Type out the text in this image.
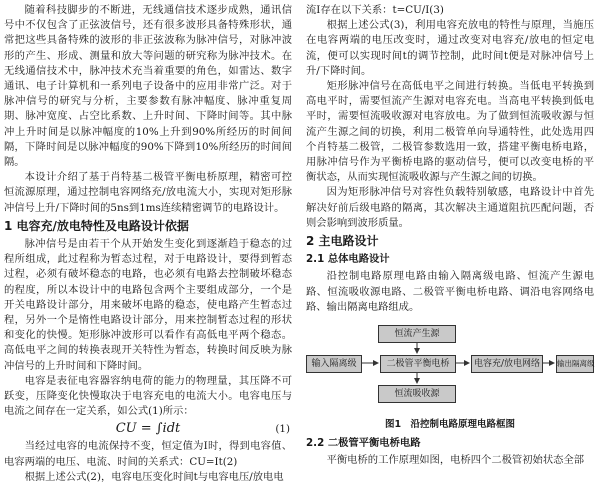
随着科技脚步的不断进，无线通信技术逐步成熟，通讯信号中不仅包含了正弦波信号，还有很多波形具备特殊形状，通常把这些具备特殊的波形的非正弦波称为脉冲信号，对脉冲波形的产生、形成、测量和放大等问题的研究称为脉冲技术。在无线通信技术中，脉冲技术充当着重要的角色，如雷达、数字通讯、电子计算机和一系列电子设备中的应用非常广泛。对于脉冲信号的研究与分析，主要参数有脉冲幅度、脉冲重复周期、脉冲宽度、占空比系数、上升时间、下降时间等。其中脉冲上升时间是以脉冲幅度的10%上升到90%所经历的时间间隔，下降时间是以脉冲幅度的90%下降到10%所经历的时间间隔。

本设计介绍了基于肖特基二极管平衡电桥原理，精密可控恒流源原理，通过控制电容网络充/放电流大小，实现对矩形脉冲信号上升/下降时间的5ns到1ms连续精密调节的电路设计。

1 电容充/放电特性及电路设计依据

脉冲信号是由若干个从开始发生变化到逐渐趋于稳态的过程所组成，此过程称为暂态过程，对于电路设计，要得到暂态过程，必须有破坏稳态的电路，也必须有电路去控制破坏稳态的程度，所以本设计中的电路包含两个主要组成部分，一个是开关电路设计部分，用来破坏电路的稳态，使电路产生暂态过程，另外一个是惰性电路设计部分，用来控制暂态过程的形状和变化的快慢。矩形脉冲波形可以看作有高低电平两个稳态。高低电平之间的转换表现开关特性为暂态，转换时间反映为脉冲信号的上升时间和下降时间。

电容是表征电容器容纳电荷的能力的物理量，其压降不可跃变，压降变化快慢取决于电容充电的电流大小。电容电压与电流之间存在一定关系，如公式(1)所示：

CU = ∫idt	(1)

当经过电容的电流保持不变，恒定值为I时，得到电容值、电容两端的电压、电流、时间的关系式：CU=It(2)

根据上述公式(2)，电容电压变化时间t与电容电压/放电电

流I存在以下关系：t=CU/I(3)

根据上述公式(3)，利用电容充放电的特性与原理，当施压在电容两端的电压改变时，通过改变对电容充/放电的恒定电流，便可以实现时间t的调节控制，此时间t便是对脉冲信号上升/下降时间。

矩形脉冲信号在高低电平之间进行转换。当低电平转换到高电平时，需要恒流产生源对电容充电。当高电平转换到低电平时，需要恒流吸收源对电容放电。为了做到恒流吸收源与恒流产生源之间的切换，利用二极管单向导通特性，此处选用四个肖特基二极管，二极管参数选用一致，搭建平衡电桥电路，用脉冲信号作为平衡桥电路的驱动信号，便可以改变电桥的平衡状态，从而实现恒流吸收源与产生源之间的切换。

因为矩形脉冲信号对容性负载特别敏感，电路设计中首先解决好前后级电路的隔离，其次解决主通道阻抗匹配问题，否则会影响到波形质量。

2 主电路设计
2.1 总体电路设计

沿控制电路原理电路由输入隔离级电路、恒流产生源电路、恒流吸收源电路、二极管平衡电桥电路、调沿电容网络电路、输出隔离电路组成。

恒流产生源
输入隔离级	二极管平衡电桥	电容充/放电网络	输出隔离级
恒流吸收源
图1　沿控制电路原理电路框图
2.2 二极管平衡电桥电路

平衡电桥的工作原理如图，电桥四个二极管初始状态全部
